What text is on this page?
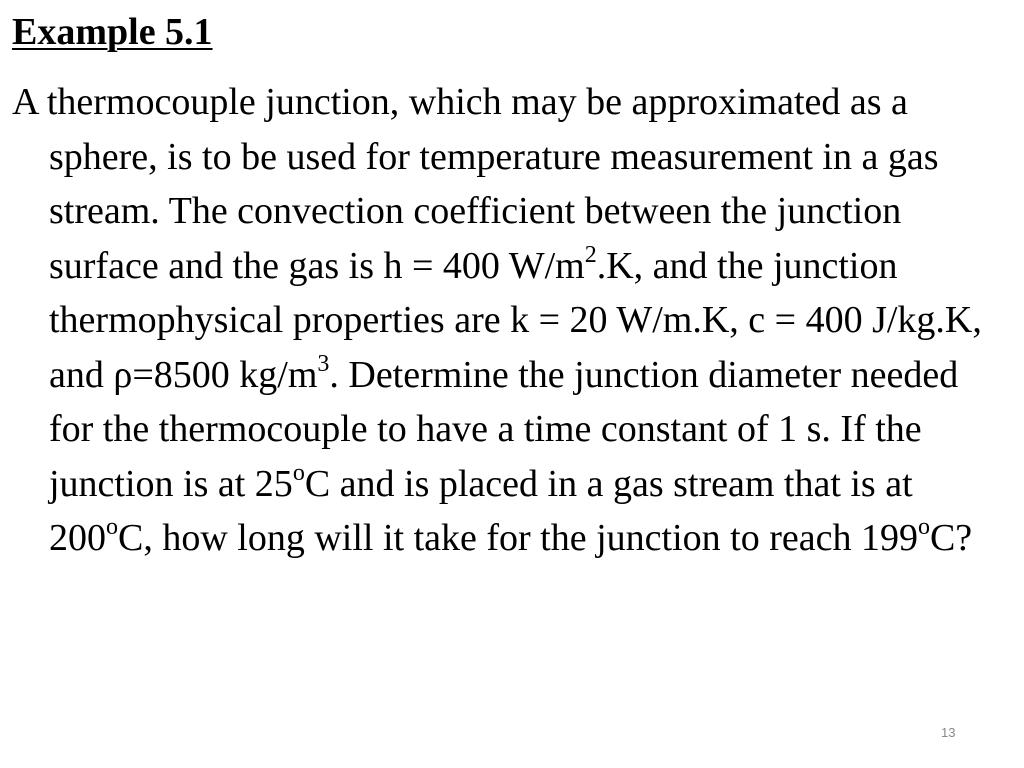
Example 5.1

A thermocouple junction, which may be approximated as a sphere, is to be used for temperature measurement in a gas stream. The convection coefficient between the junction surface and the gas is h = 400 $W/m^2.K$, and the junction thermophysical properties are k = 20 W/m.K, c = 400 J/kg.K, and ρ=8500 $kg/m^3$. Determine the junction diameter needed for the thermocouple to have a time constant of 1 s. If the junction is at 25$^o$C and is placed in a gas stream that is at 200$^o$C, how long will it take for the junction to reach 199$^o$C?

13
